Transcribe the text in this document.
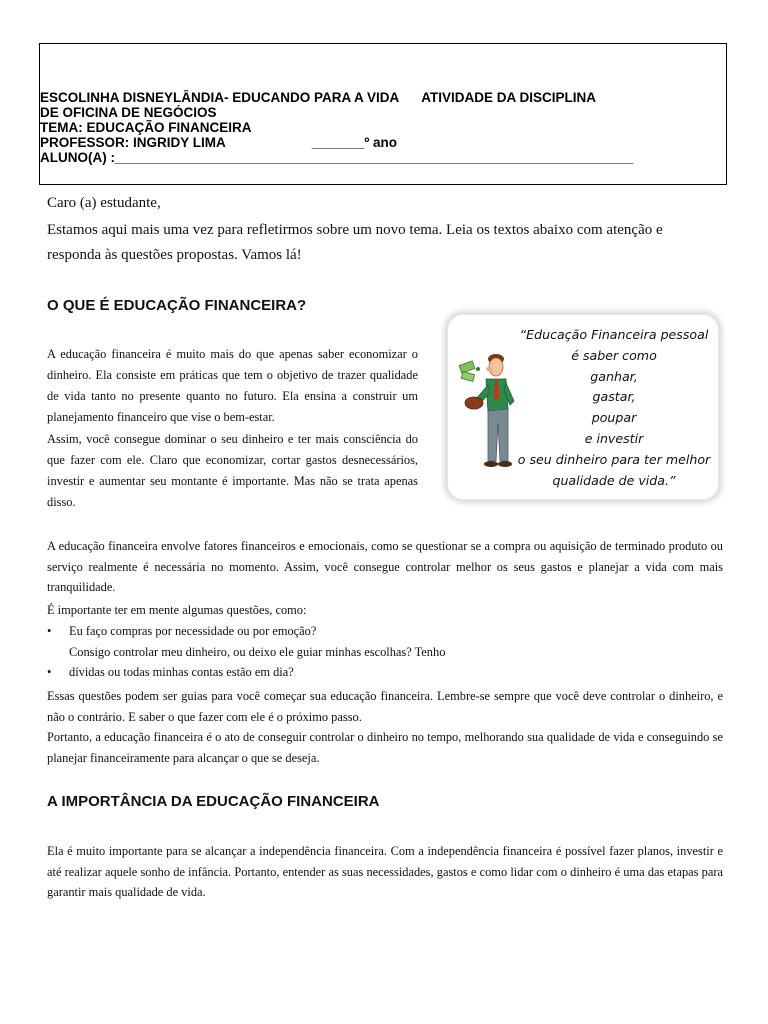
ESCOLINHA DISNEYLÂNDIA- EDUCANDO PARA A VIDA ATIVIDADE DA DISCIPLINA
DE OFICINA DE NEGÓCIOS
TEMA: EDUCAÇÃO FINANCEIRA
PROFESSOR: INGRIDY LIMA	_______º ano
ALUNO(A) :_____________________________________________________________________
Caro (a) estudante,
Estamos aqui mais uma vez para refletirmos sobre um novo tema. Leia os textos abaixo com atenção e responda às questões propostas. Vamos lá!
O QUE É EDUCAÇÃO FINANCEIRA?
A educação financeira é muito mais do que apenas saber economizar o dinheiro. Ela consiste em práticas que tem o objetivo de trazer qualidade de vida tanto no presente quanto no futuro. Ela ensina a construir um planejamento financeiro que vise o bem-estar.
Assim, você consegue dominar o seu dinheiro e ter mais consciência do que fazer com ele. Claro que economizar, cortar gastos desnecessários, investir e aumentar seu montante é importante. Mas não se trata apenas disso.
“Educação Financeira pessoal
é saber como
ganhar,
gastar,
poupar
e investir
o seu dinheiro para ter melhor
qualidade de vida.”
A educação financeira envolve fatores financeiros e emocionais, como se questionar se a compra ou aquisição de terminado produto ou serviço realmente é necessária no momento. Assim, você consegue controlar melhor os seus gastos e planejar a vida com mais tranquilidade.
É importante ter em mente algumas questões, como:
• Eu faço compras por necessidade ou por emoção?
Consigo controlar meu dinheiro, ou deixo ele guiar minhas escolhas? Tenho
• dívidas ou todas minhas contas estão em dia?
Essas questões podem ser guias para você começar sua educação financeira. Lembre-se sempre que você deve controlar o dinheiro, e não o contrário. E saber o que fazer com ele é o próximo passo.
Portanto, a educação financeira é o ato de conseguir controlar o dinheiro no tempo, melhorando sua qualidade de vida e conseguindo se planejar financeiramente para alcançar o que se deseja.
A IMPORTÂNCIA DA EDUCAÇÃO FINANCEIRA
Ela é muito importante para se alcançar a independência financeira. Com a independência financeira é possível fazer planos, investir e até realizar aquele sonho de infância. Portanto, entender as suas necessidades, gastos e como lidar com o dinheiro é uma das etapas para garantir mais qualidade de vida.
